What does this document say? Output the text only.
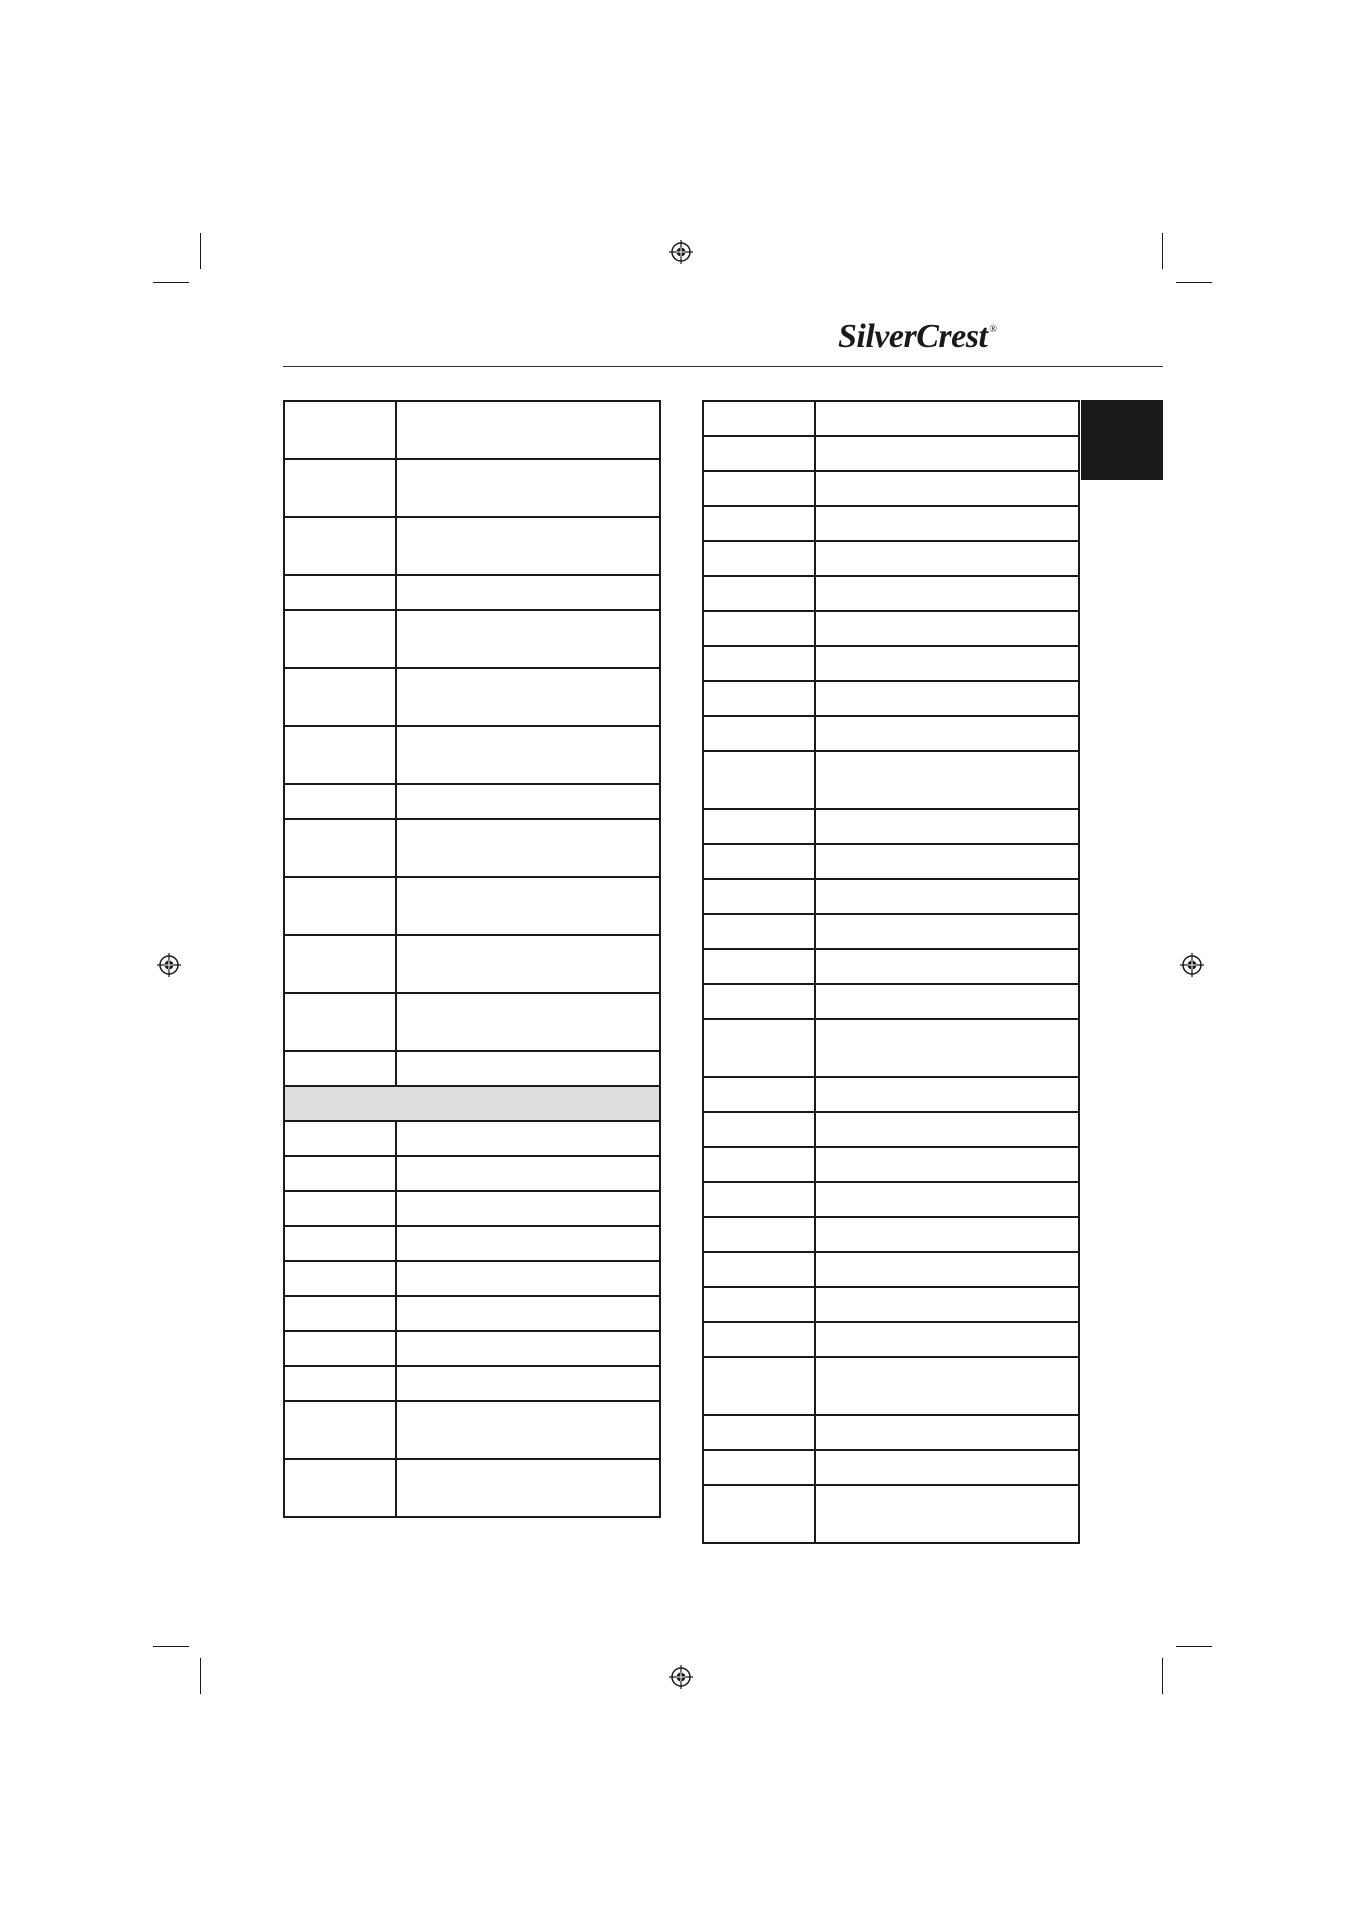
SilverCrest ®
